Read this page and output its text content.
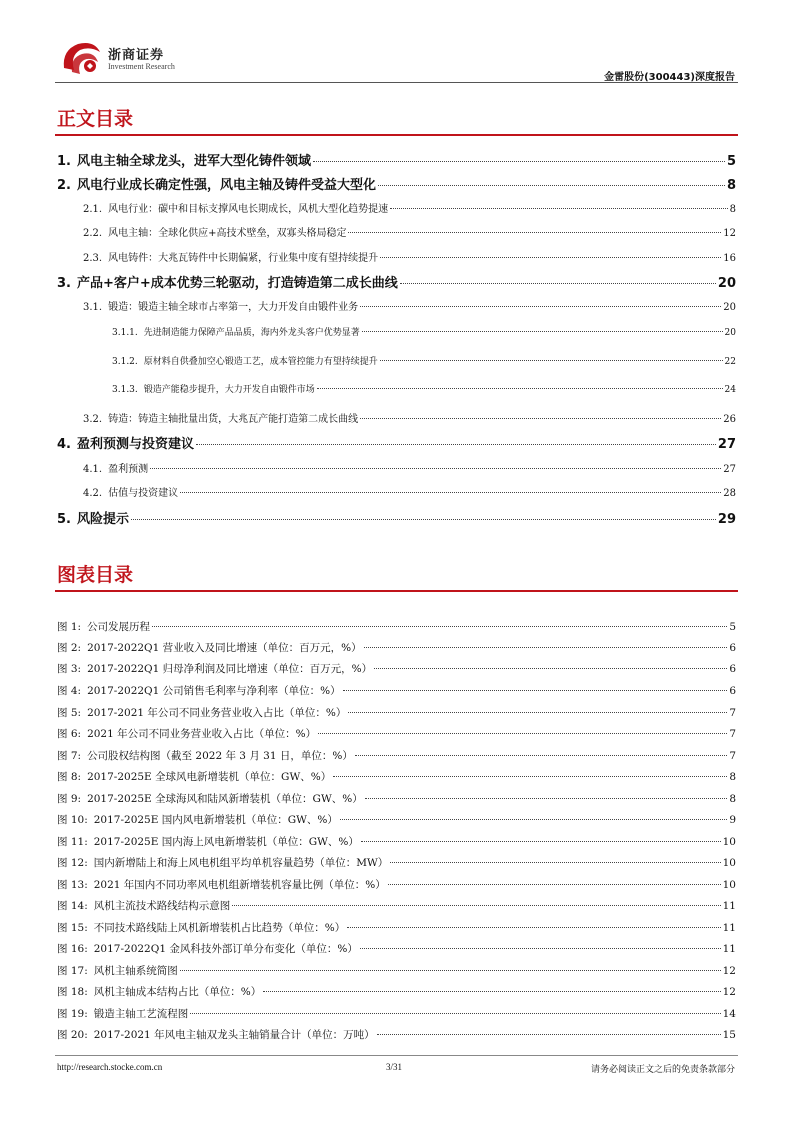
浙商证券
Investment Research
金雷股份(300443)深度报告
正文目录
1. 风电主轴全球龙头，进军大型化铸件领域	5
2. 风电行业成长确定性强，风电主轴及铸件受益大型化	8
2.1. 风电行业：碳中和目标支撑风电长期成长，风机大型化趋势提速	8
2.2. 风电主轴：全球化供应+高技术壁垒，双寡头格局稳定	12
2.3. 风电铸件：大兆瓦铸件中长期偏紧，行业集中度有望持续提升	16
3. 产品+客户+成本优势三轮驱动，打造铸造第二成长曲线	20
3.1. 锻造：锻造主轴全球市占率第一，大力开发自由锻件业务	20
3.1.1. 先进制造能力保障产品品质，海内外龙头客户优势显著	20
3.1.2. 原材料自供叠加空心锻造工艺，成本管控能力有望持续提升	22
3.1.3. 锻造产能稳步提升，大力开发自由锻件市场	24
3.2. 铸造：铸造主轴批量出货，大兆瓦产能打造第二成长曲线	26
4. 盈利预测与投资建议	27
4.1. 盈利预测	27
4.2. 估值与投资建议	28
5. 风险提示	29
图表目录
图 1: 公司发展历程	5
图 2: 2017-2022Q1 营业收入及同比增速（单位：百万元，%）	6
图 3: 2017-2022Q1 归母净利润及同比增速（单位：百万元，%）	6
图 4: 2017-2022Q1 公司销售毛利率与净利率（单位：%）	6
图 5: 2017-2021 年公司不同业务营业收入占比（单位：%）	7
图 6: 2021 年公司不同业务营业收入占比（单位：%）	7
图 7: 公司股权结构图（截至 2022 年 3 月 31 日，单位：%）	7
图 8: 2017-2025E 全球风电新增装机（单位：GW、%）	8
图 9: 2017-2025E 全球海风和陆风新增装机（单位：GW、%）	8
图 10: 2017-2025E 国内风电新增装机（单位：GW、%）	9
图 11: 2017-2025E 国内海上风电新增装机（单位：GW、%）	10
图 12: 国内新增陆上和海上风电机组平均单机容量趋势（单位：MW）	10
图 13: 2021 年国内不同功率风电机组新增装机容量比例（单位：%）	10
图 14: 风机主流技术路线结构示意图	11
图 15: 不同技术路线陆上风机新增装机占比趋势（单位：%）	11
图 16: 2017-2022Q1 金风科技外部订单分布变化（单位：%）	11
图 17: 风机主轴系统简图	12
图 18: 风机主轴成本结构占比（单位：%）	12
图 19: 锻造主轴工艺流程图	14
图 20: 2017-2021 年风电主轴双龙头主轴销量合计（单位：万吨）	15
http://research.stocke.com.cn	3/31	请务必阅读正文之后的免责条款部分
